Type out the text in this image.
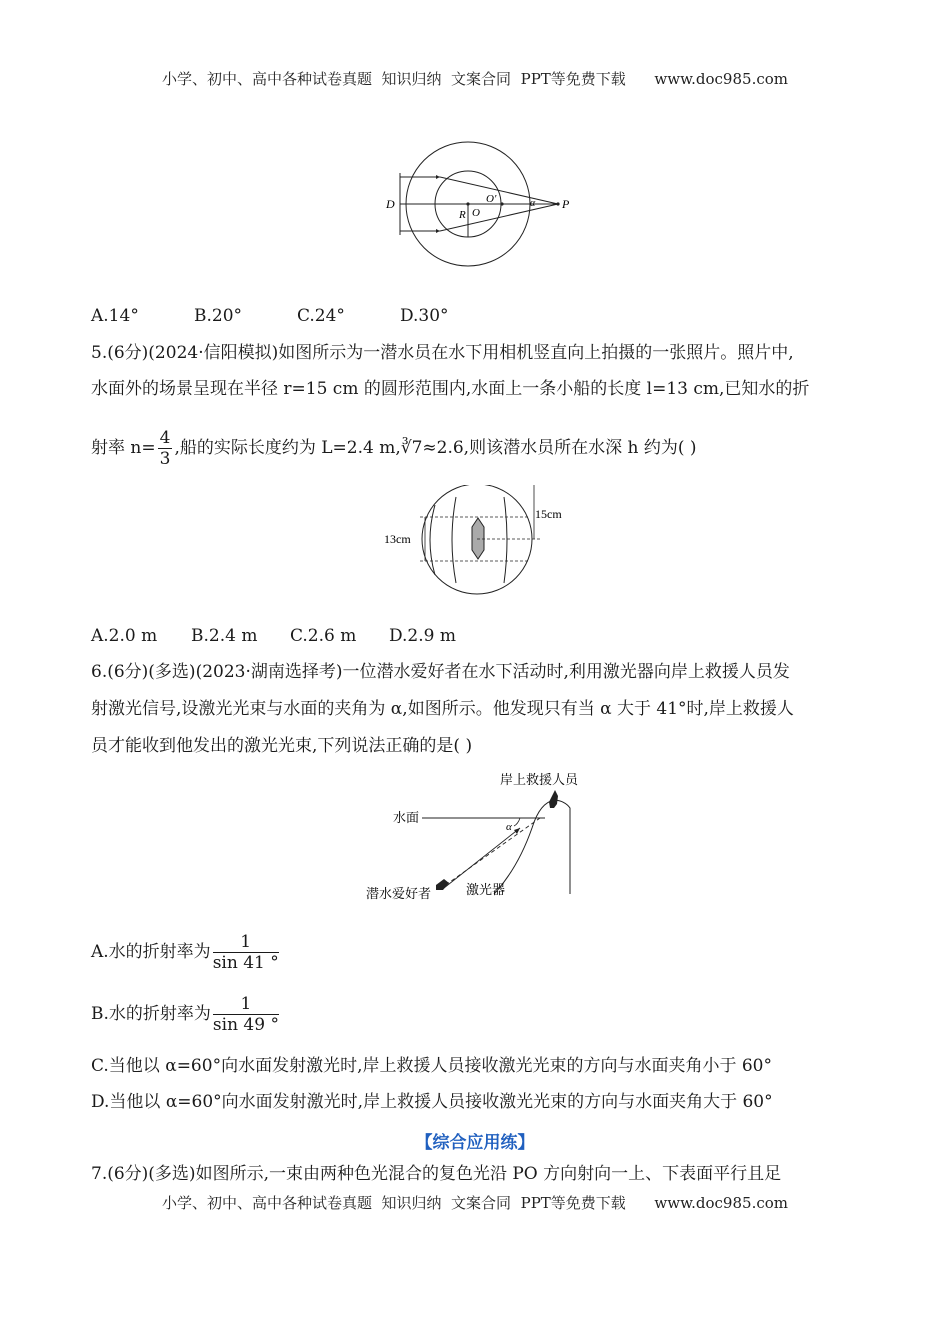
小学、初中、高中各种试卷真题  知识归纳  文案合同  PPT等免费下载      www.doc985.com
D
R O
O'	α P
A.14°	B.20°	C.24°	D.30°
5.(6分)(2024·信阳模拟)如图所示为一潜水员在水下用相机竖直向上拍摄的一张照片。照片中,
水面外的场景呈现在半径 r=15 cm 的圆形范围内,水面上一条小船的长度 l=13 cm,已知水的折
射率 $n= \frac{4}{3}$ ,船的实际长度约为 L=2.4 m,∛7≈2.6,则该潜水员所在水深 h 约为( )
15cm
13cm
A.2.0 m B.2.4 m C.2.6 m D.2.9 m
6.(6分)(多选)(2023·湖南选择考)一位潜水爱好者在水下活动时,利用激光器向岸上救援人员发
射激光信号,设激光光束与水面的夹角为 α,如图所示。他发现只有当 α 大于 41°时,岸上救援人
员才能收到他发出的激光光束,下列说法正确的是( )
岸上救援人员
水面
α
潜水爱好者	激光器
A.水的折射率为 $\frac{1}{\sin 41 ^\circ}$
B.水的折射率为 $\frac{1}{\sin 49 ^\circ}$
C.当他以 α=60°向水面发射激光时,岸上救援人员接收激光光束的方向与水面夹角小于 60°
D.当他以 α=60°向水面发射激光时,岸上救援人员接收激光光束的方向与水面夹角大于 60°
【综合应用练】
7.(6分)(多选)如图所示,一束由两种色光混合的复色光沿 PO 方向射向一上、下表面平行且足
小学、初中、高中各种试卷真题  知识归纳  文案合同  PPT等免费下载      www.doc985.com
